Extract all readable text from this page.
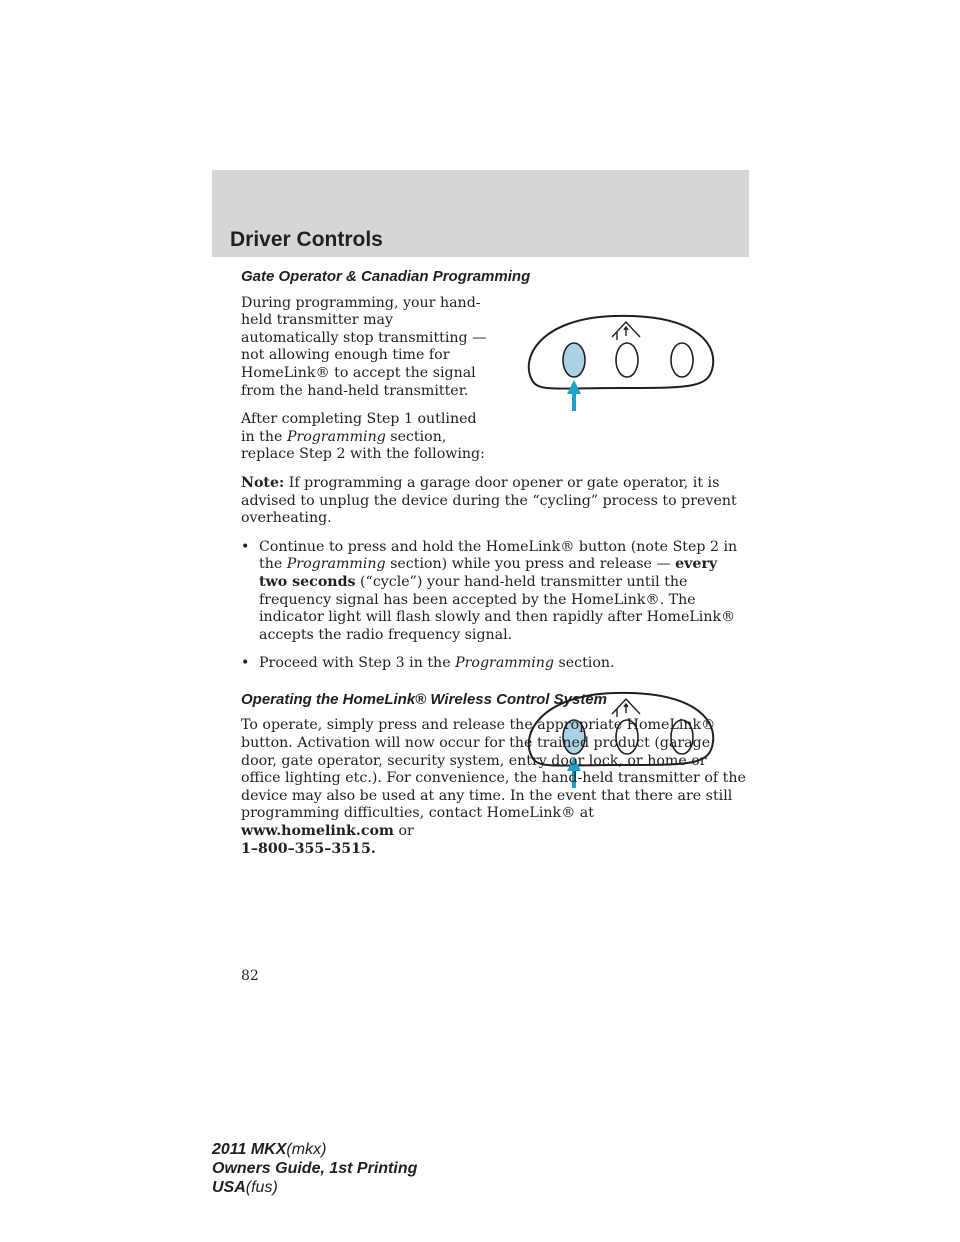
Driver Controls
Gate Operator & Canadian Programming

During programming, your hand-held transmitter may automatically stop transmitting — not allowing enough time for HomeLink® to accept the signal from the hand-held transmitter.

After completing Step 1 outlined in the Programming section, replace Step 2 with the following:

Note: If programming a garage door opener or gate operator, it is advised to unplug the device during the “cycling” process to prevent overheating.

• Continue to press and hold the HomeLink® button (note Step 2 in the Programming section) while you press and release — every two seconds (“cycle”) your hand-held transmitter until the frequency signal has been accepted by the HomeLink®. The indicator light will flash slowly and then rapidly after HomeLink® accepts the radio frequency signal.
• Proceed with Step 3 in the Programming section.
Operating the HomeLink® Wireless Control System

To operate, simply press and release the appropriate HomeLink® button. Activation will now occur for the trained product (garage door, gate operator, security system, entry door lock, or home or office lighting etc.). For convenience, the hand-held transmitter of the device may also be used at any time. In the event that there are still programming difficulties, contact HomeLink® at www.homelink.com or
1–800–355–3515.

82
2011 MKX(mkx)
Owners Guide, 1st Printing
USA(fus)
